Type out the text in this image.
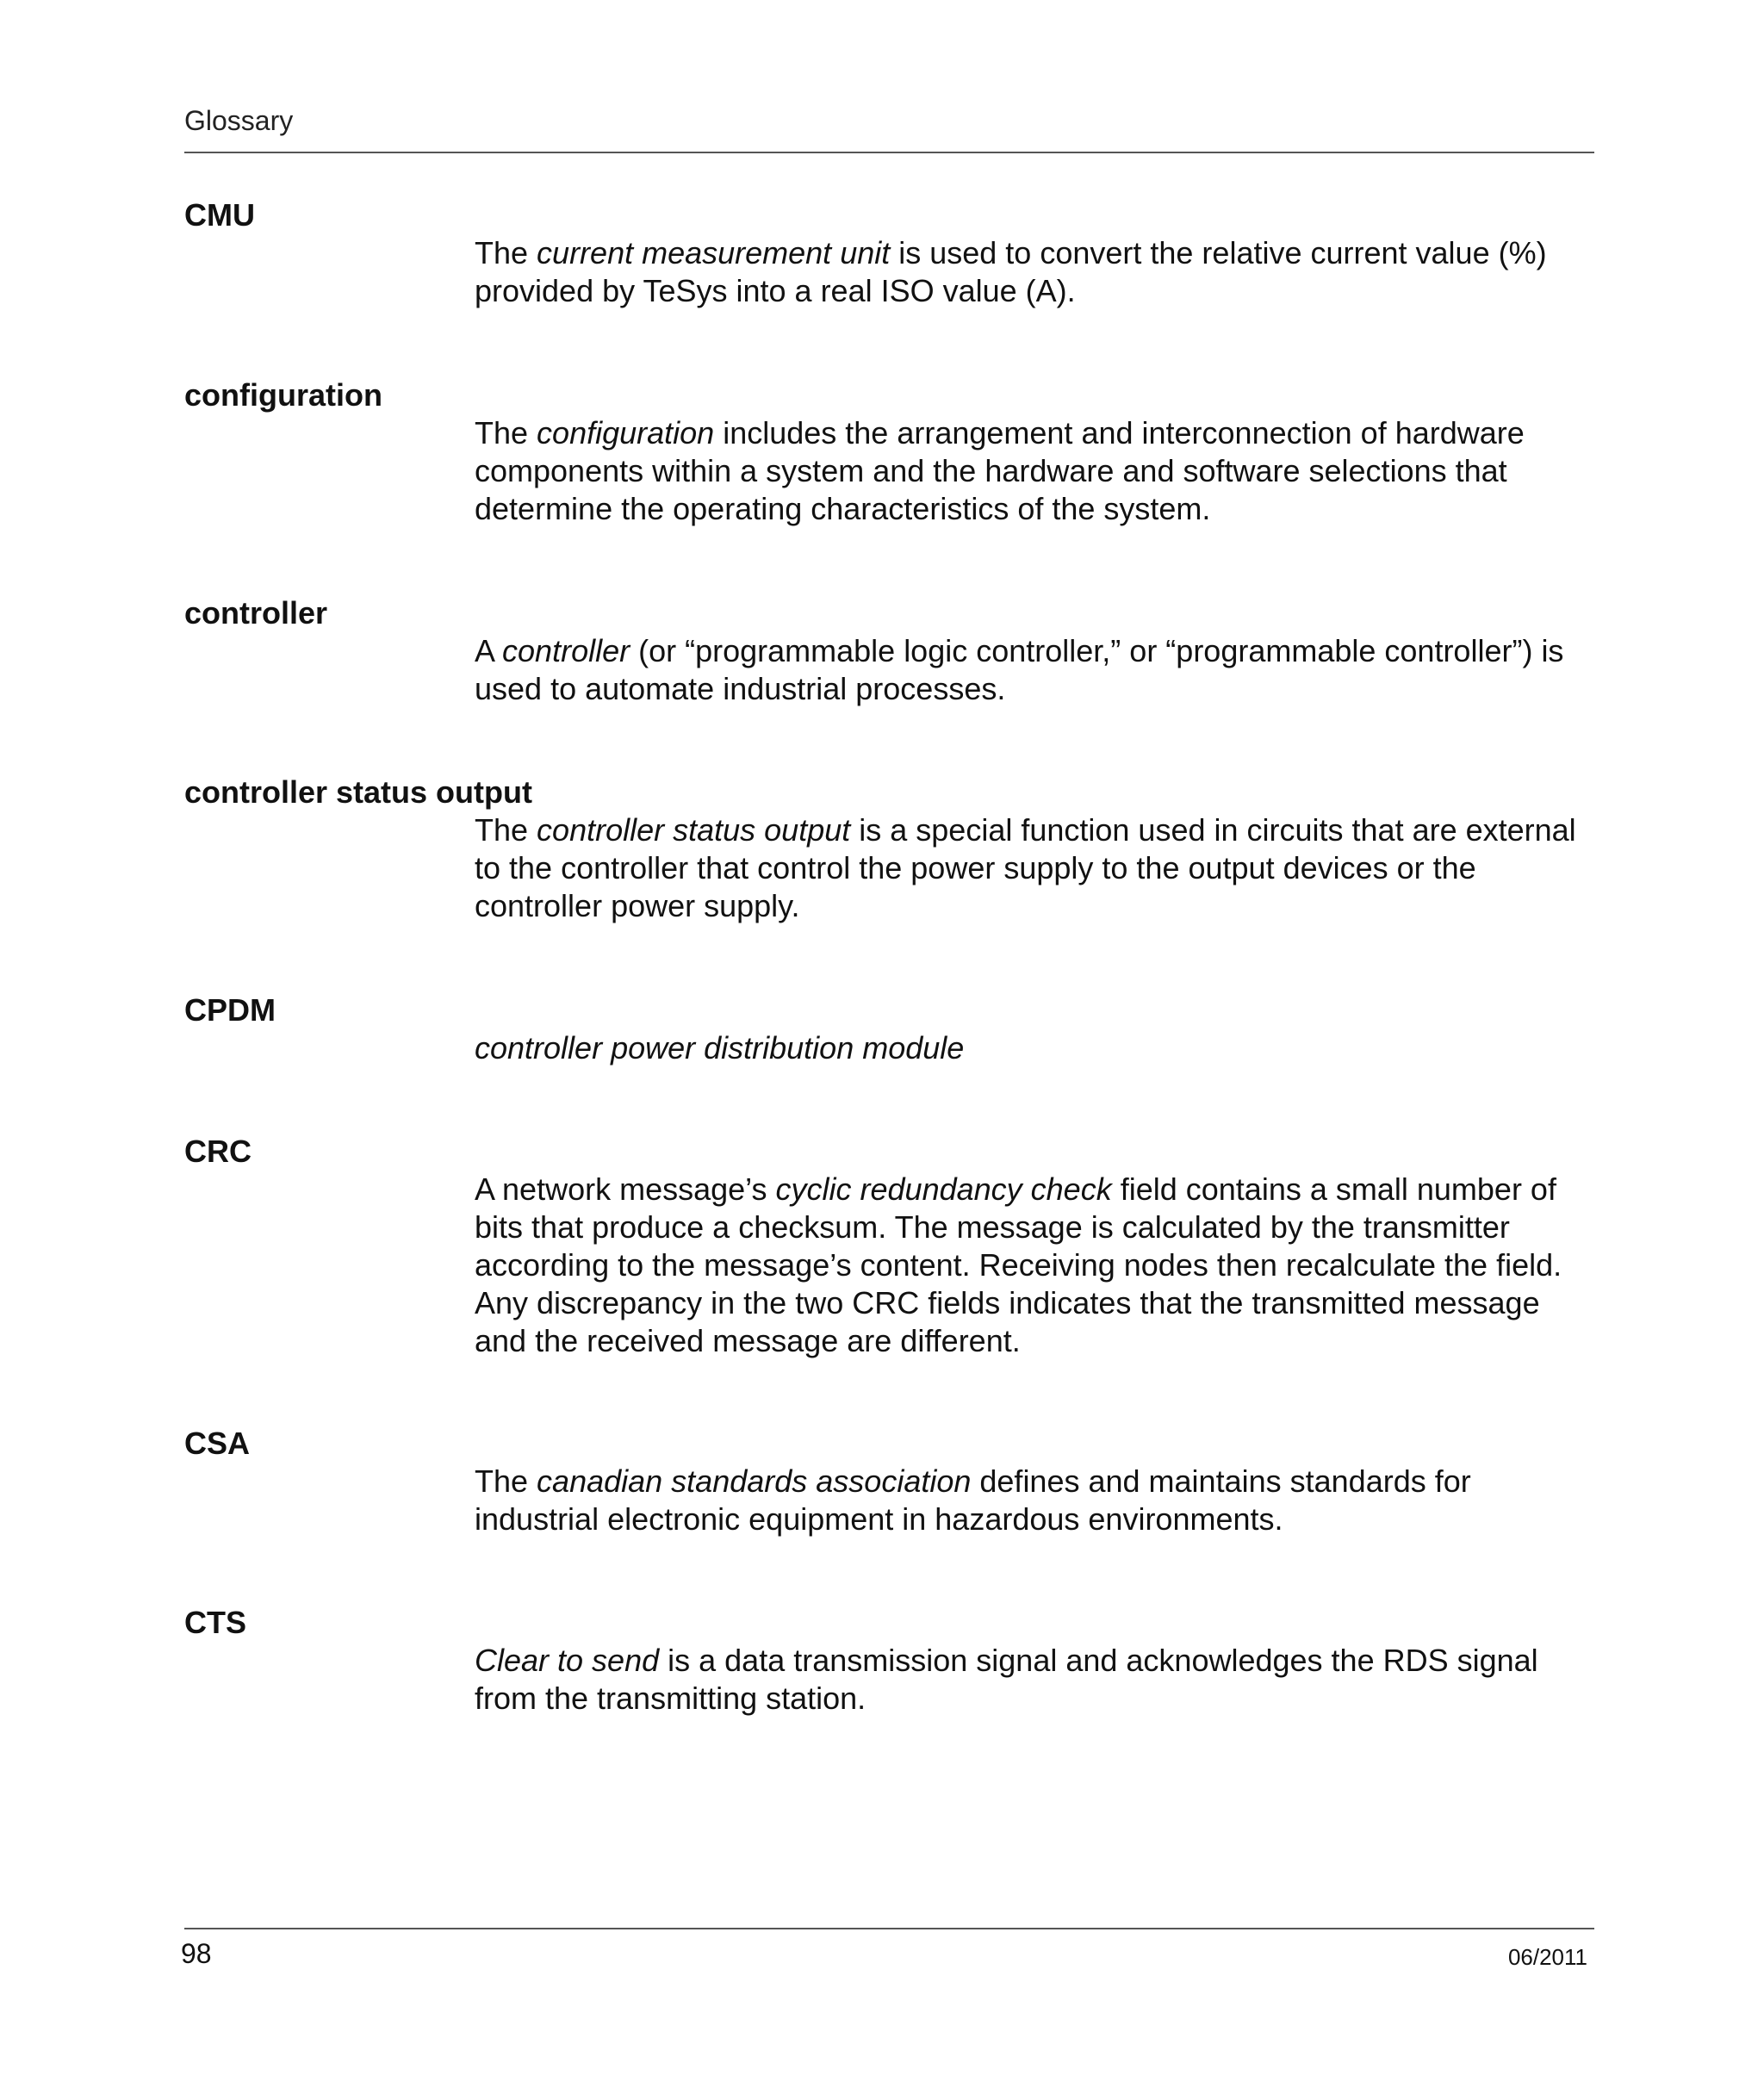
Glossary

CMU

The current measurement unit is used to convert the relative current value (%) provided by TeSys into a real ISO value (A).

configuration

The configuration includes the arrangement and interconnection of hardware components within a system and the hardware and software selections that determine the operating characteristics of the system.

controller

A controller (or “programmable logic controller,” or “programmable controller”) is used to automate industrial processes.

controller status output

The controller status output is a special function used in circuits that are external to the controller that control the power supply to the output devices or the controller power supply.

CPDM

controller power distribution module

CRC

A network message’s cyclic redundancy check field contains a small number of bits that produce a checksum. The message is calculated by the transmitter according to the message’s content. Receiving nodes then recalculate the field. Any discrepancy in the two CRC fields indicates that the transmitted message and the received message are different.

CSA

The canadian standards association defines and maintains standards for industrial electronic equipment in hazardous environments.

CTS

Clear to send is a data transmission signal and acknowledges the RDS signal from the transmitting station.

98	06/2011
